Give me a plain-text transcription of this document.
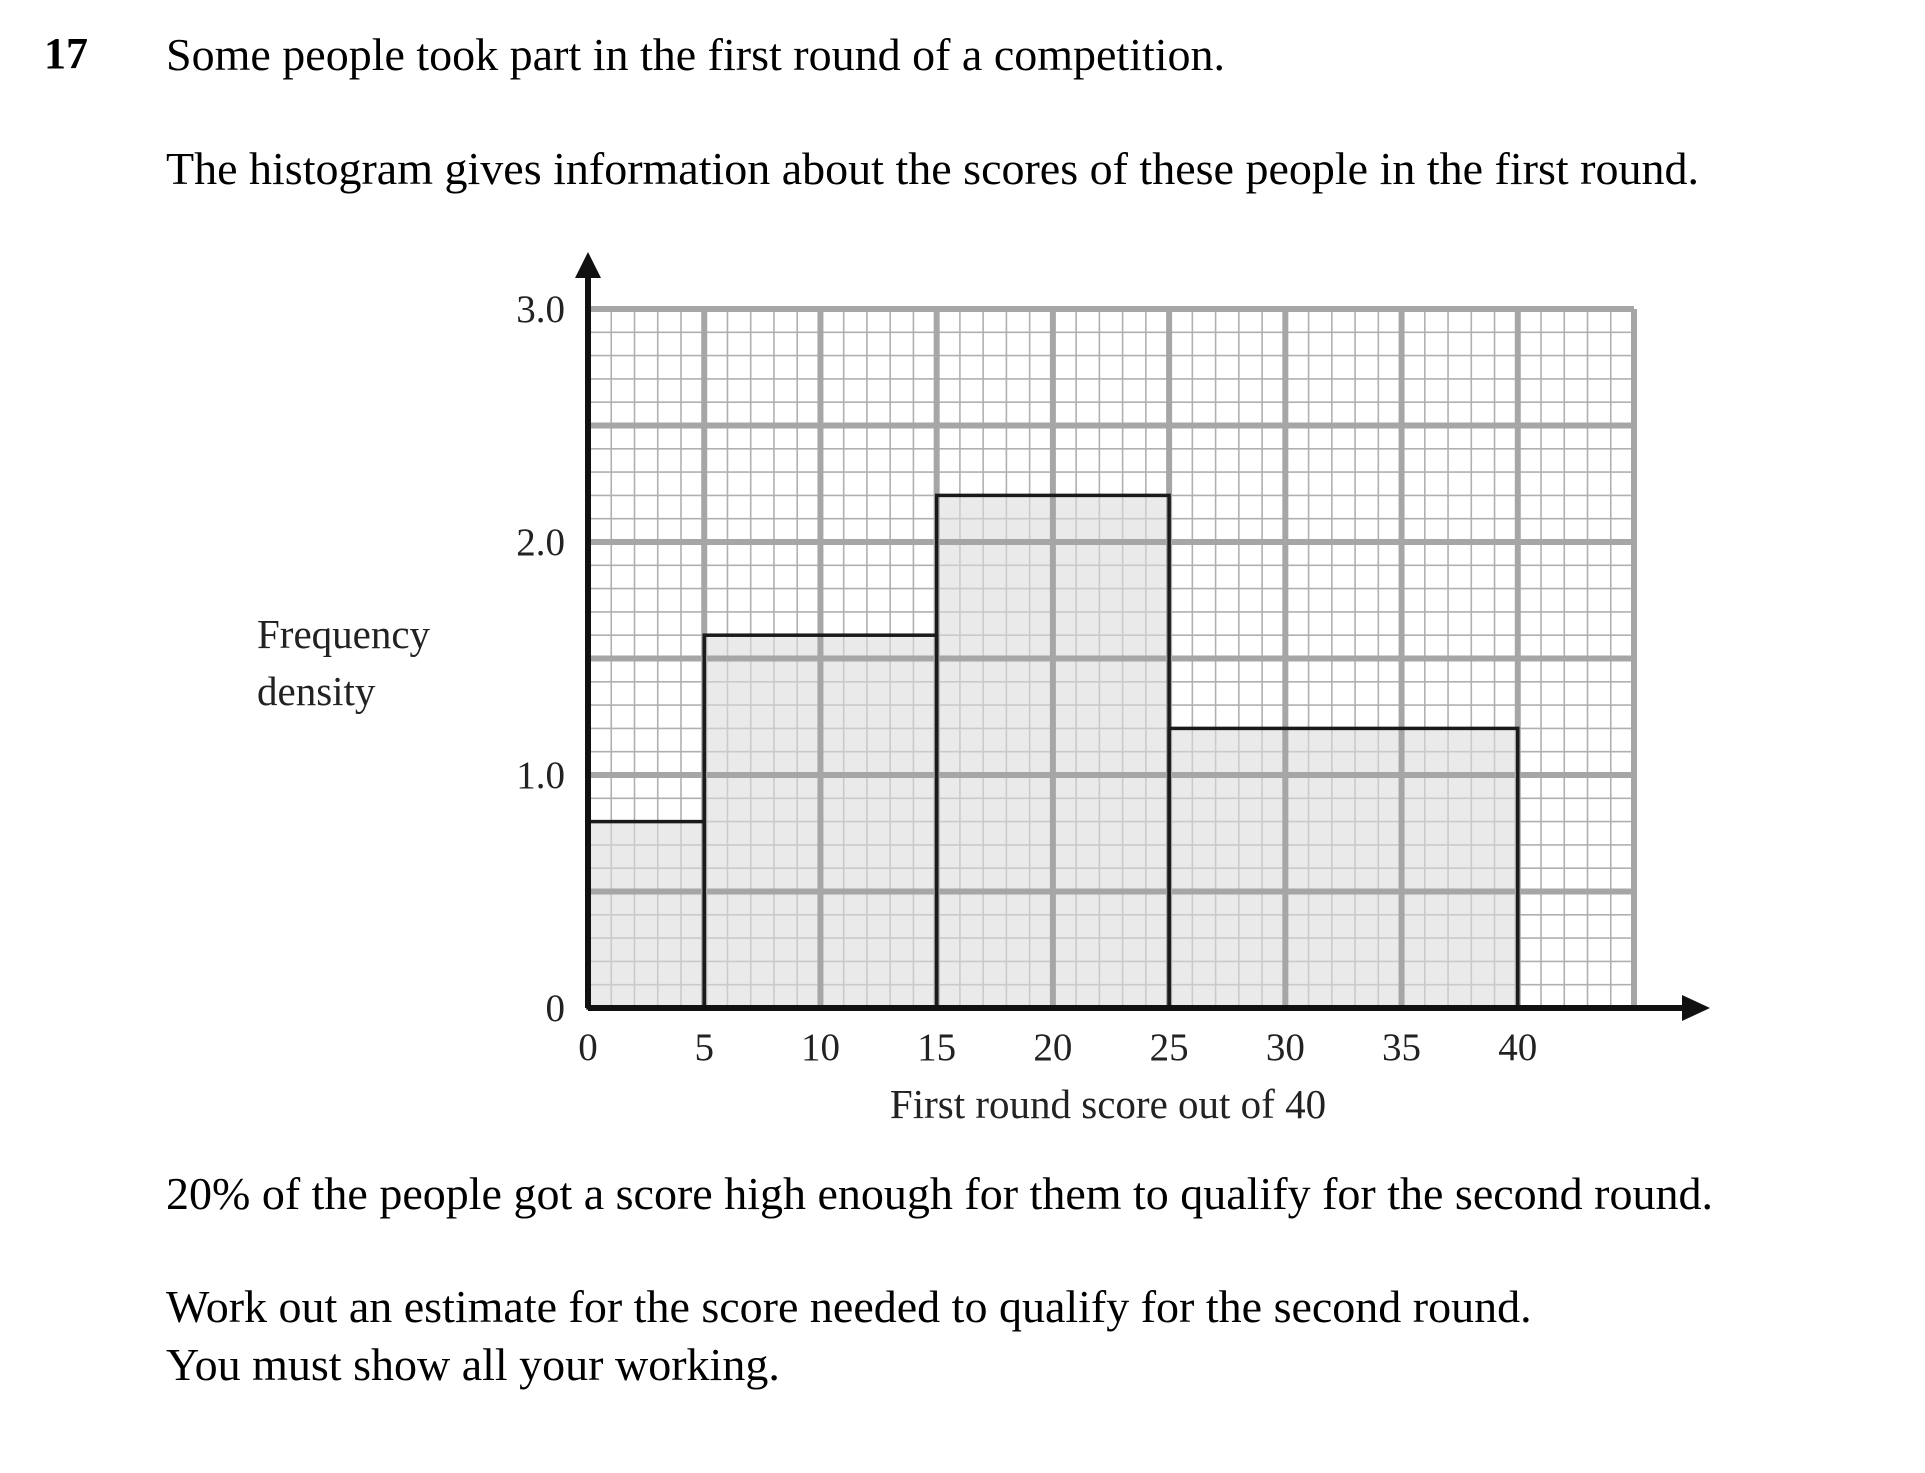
17 Some people took part in the first round of a competition.
The histogram gives information about the scores of these people in the first round.
0 5 10 15 20 25 30 35 40
0
1.0
2.0
3.0
First round score out of 40
Frequency
density
20% of the people got a score high enough for them to qualify for the second round.
Work out an estimate for the score needed to qualify for the second round.
You must show all your working.
